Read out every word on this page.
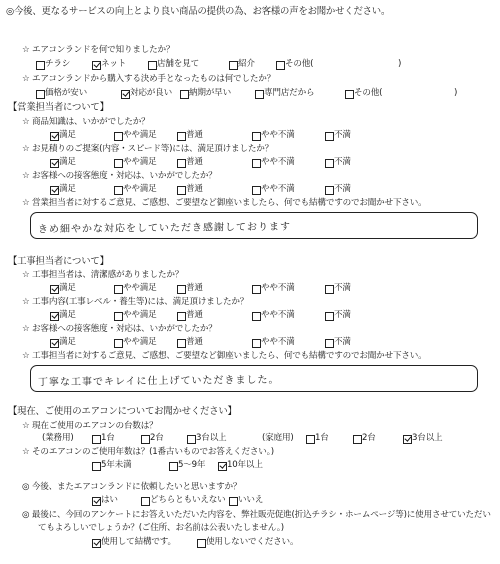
◎今後、更なるサービスの向上とより良い商品の提供の為、お客様の声をお聞かせください。
☆ エアコンランドを何で知りましたか？
チラシ	ネット	店舗を見て	紹介	その他(	)
☆ エアコンランドから購入する決め手となったものは何でしたか？
価格が安い	対応が良い 納期が早い	専門店だから	その他(	)
【営業担当者について】
☆ 商品知識は、いかがでしたか？
満足	やや満足	普通	やや不満	不満
☆ お見積りのご提案(内容・スピード等)には、満足頂けましたか？
満足	やや満足	普通	やや不満	不満
☆ お客様への接客態度・対応は、いかがでしたか？
満足	やや満足	普通	やや不満	不満
☆ 営業担当者に対するご意見、ご感想、ご要望など御座いましたら、何でも結構ですのでお聞かせ下さい。
きめ細やかな対応をしていただき感謝しております
【工事担当者について】
☆ 工事担当者は、清潔感がありましたか？
満足	やや満足	普通	やや不満	不満
☆ 工事内容(工事レベル・養生等)には、満足頂けましたか？
満足	やや満足	普通	やや不満	不満
☆ お客様への接客態度・対応は、いかがでしたか？
満足	やや満足	普通	やや不満	不満
☆ 工事担当者に対するご意見、ご感想、ご要望など御座いましたら、何でも結構ですのでお聞かせ下さい。
丁寧な工事でキレイに仕上げていただきました。
【現在、ご使用のエアコンについてお聞かせください】
☆ 現在ご使用のエアコンの台数は？
(業務用)	1台	2台	3台以上	(家庭用)	1台	2台	3台以上
☆ そのエアコンのご使用年数は？(1番古いものでお答えください。)
5年未満	5～9年	10年以上
◎ 今後、またエアコンランドに依頼したいと思いますか？
はい	どちらともいえない いいえ
◎ 最後に、今回のアンケートにお答えいただいた内容を、弊社販売促進(折込チラシ・ホームページ等)に使用させていただい
てもよろしいでしょうか？(ご住所、お名前は公表いたしません。)
使用して結構です。	使用しないでください。
